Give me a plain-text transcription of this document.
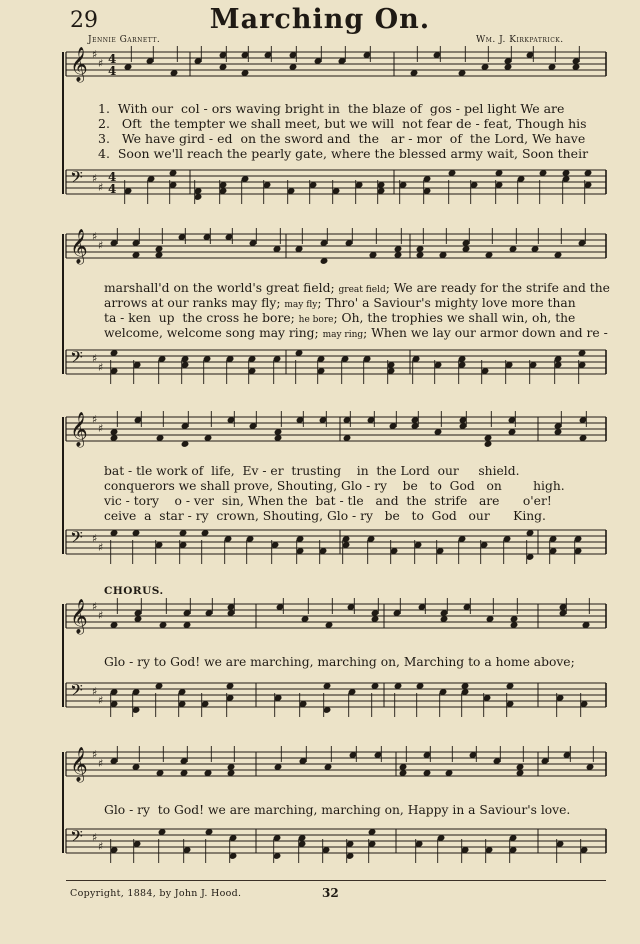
29	Marching On.
Jennie Garnett.	Wm. J. Kirkpatrick.
𝄞 ♯
♯ 4
4
𝄢 ♯
♯
4
4
𝄞 ♯
♯
𝄢 ♯
♯
𝄞 ♯
♯
𝄢 ♯
♯
𝄞 ♯
♯
𝄢 ♯
♯
𝄞 ♯
♯
𝄢 ♯
♯
1.  With our  col - ors waving bright in  the blaze of  gos - pel light We are
2.   Oft  the tempter we shall meet, but we will  not fear de - feat, Though his
3.   We have gird - ed  on the sword and  the   ar - mor  of  the Lord, We have
4.  Soon we'll reach the pearly gate, where the blessed army wait, Soon their
marshall'd on the world's great field; great field; We are ready for the strife and the
arrows at our ranks may fly; may fly; Thro' a Saviour's mighty love more than
ta - ken  up  the cross he bore; he bore; Oh, the trophies we shall win, oh, the
welcome, welcome song may ring; may ring; When we lay our armor down and re -
bat - tle work of  life,  Ev - er  trusting    in  the Lord  our     shield.
conquerors we shall prove, Shouting, Glo - ry    be   to  God   on        high.
vic - tory    o - ver  sin, When the  bat - tle   and  the  strife   are      o'er!
ceive  a  star - ry  crown, Shouting, Glo - ry   be   to  God   our      King.
CHORUS.
Glo - ry to God! we are marching, marching on, Marching to a home above;
Glo - ry  to God! we are marching, marching on, Happy in a Saviour's love.
Copyright, 1884, by John J. Hood.	32
